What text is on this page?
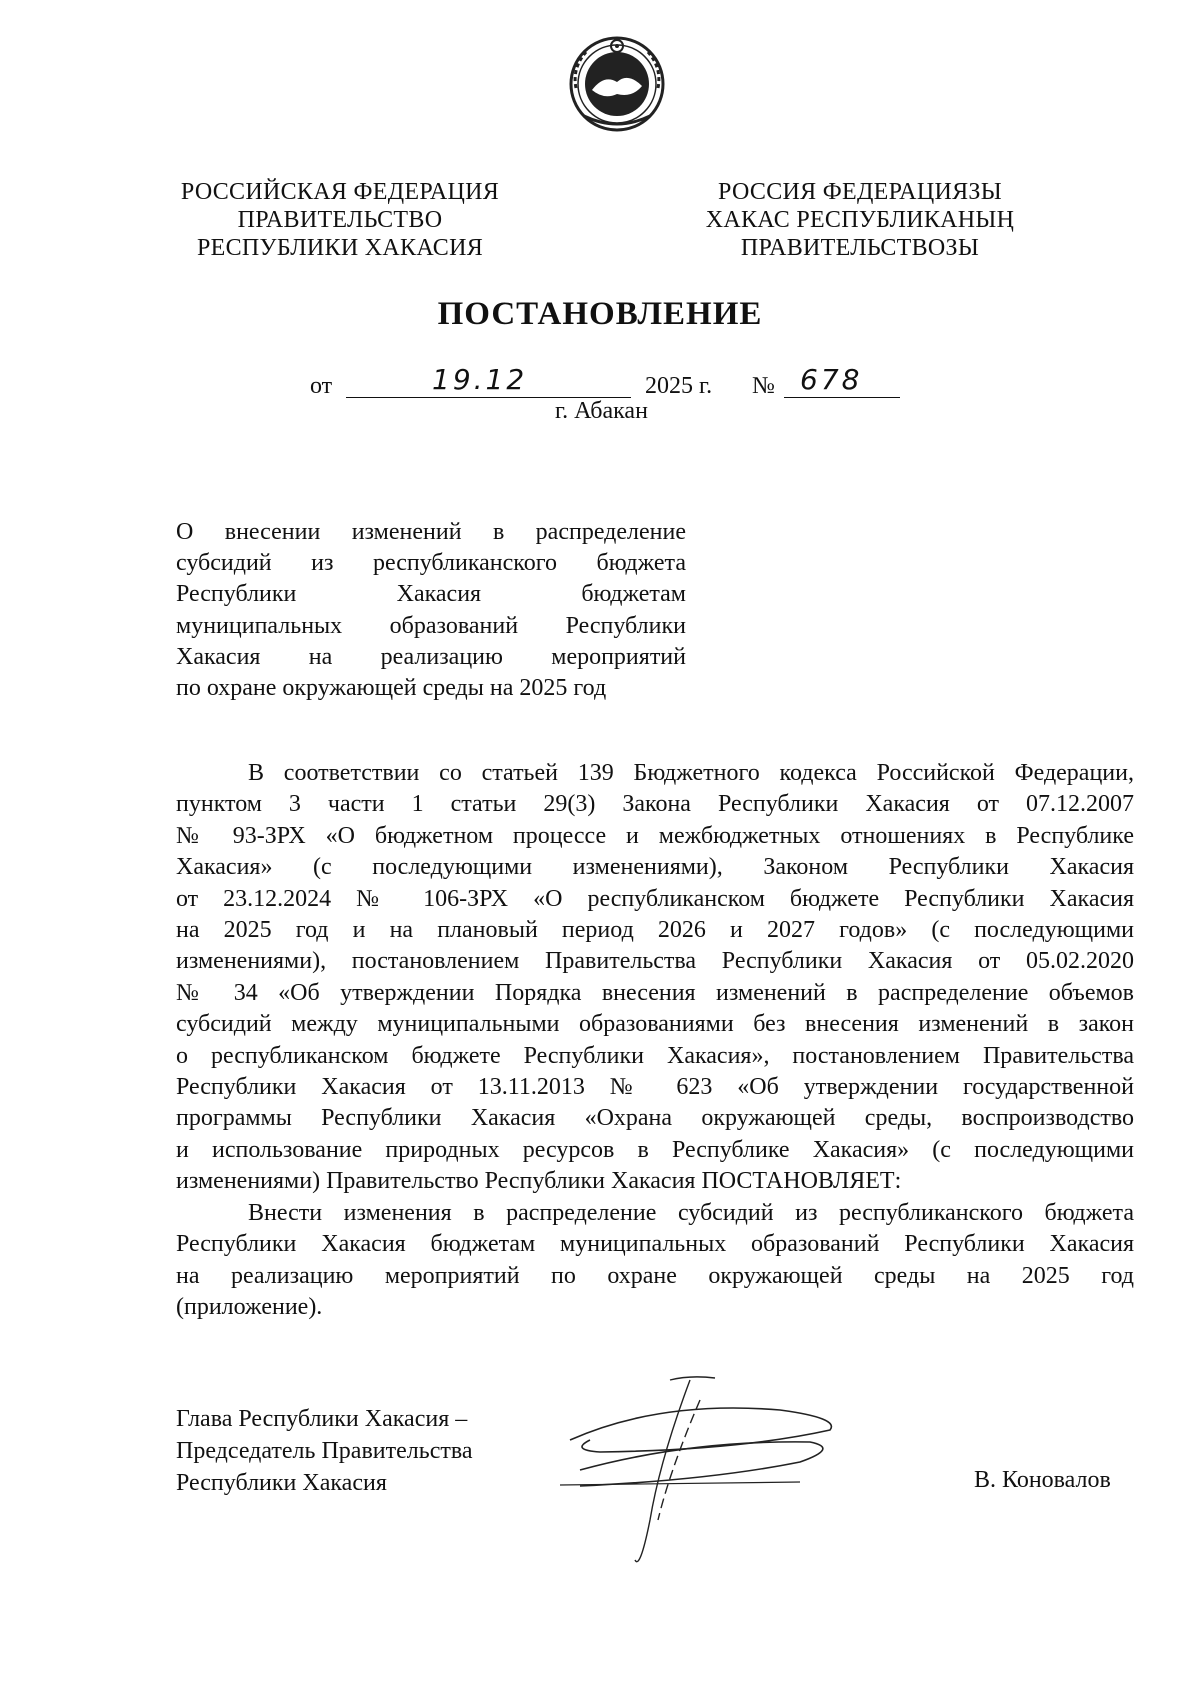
РОССИЙСКАЯ ФЕДЕРАЦИЯ
ПРАВИТЕЛЬСТВО
РЕСПУБЛИКИ ХАКАСИЯ
РОССИЯ ФЕДЕРАЦИЯЗЫ
ХАКАС РЕСПУБЛИКАНЫҢ
ПРАВИТЕЛЬСТВОЗЫ
ПОСТАНОВЛЕНИЕ
от	19.12	2025 г. № 678
г. Абакан
О внесении изменений в распределение
субсидий из республиканского бюджета
Республики Хакасия бюджетам
муниципальных образований Республики
Хакасия на реализацию мероприятий
по охране окружающей среды на 2025 год
В соответствии со статьей 139 Бюджетного кодекса Российской Федерации,
пунктом 3 части 1 статьи 29(3) Закона Республики Хакасия от 07.12.2007
№ 93-ЗРХ «О бюджетном процессе и межбюджетных отношениях в Республике
Хакасия» (с последующими изменениями), Законом Республики Хакасия
от 23.12.2024 № 106-ЗРХ «О республиканском бюджете Республики Хакасия
на 2025 год и на плановый период 2026 и 2027 годов» (с последующими
изменениями), постановлением Правительства Республики Хакасия от 05.02.2020
№ 34 «Об утверждении Порядка внесения изменений в распределение объемов
субсидий между муниципальными образованиями без внесения изменений в закон
о республиканском бюджете Республики Хакасия», постановлением Правительства
Республики Хакасия от 13.11.2013 № 623 «Об утверждении государственной
программы Республики Хакасия «Охрана окружающей среды, воспроизводство
и использование природных ресурсов в Республике Хакасия» (с последующими
изменениями) Правительство Республики Хакасия ПОСТАНОВЛЯЕТ:
Внести изменения в распределение субсидий из республиканского бюджета
Республики Хакасия бюджетам муниципальных образований Республики Хакасия
на реализацию мероприятий по охране окружающей среды на 2025 год
(приложение).
Глава Республики Хакасия –
Председатель Правительства
Республики Хакасия	В. Коновалов
